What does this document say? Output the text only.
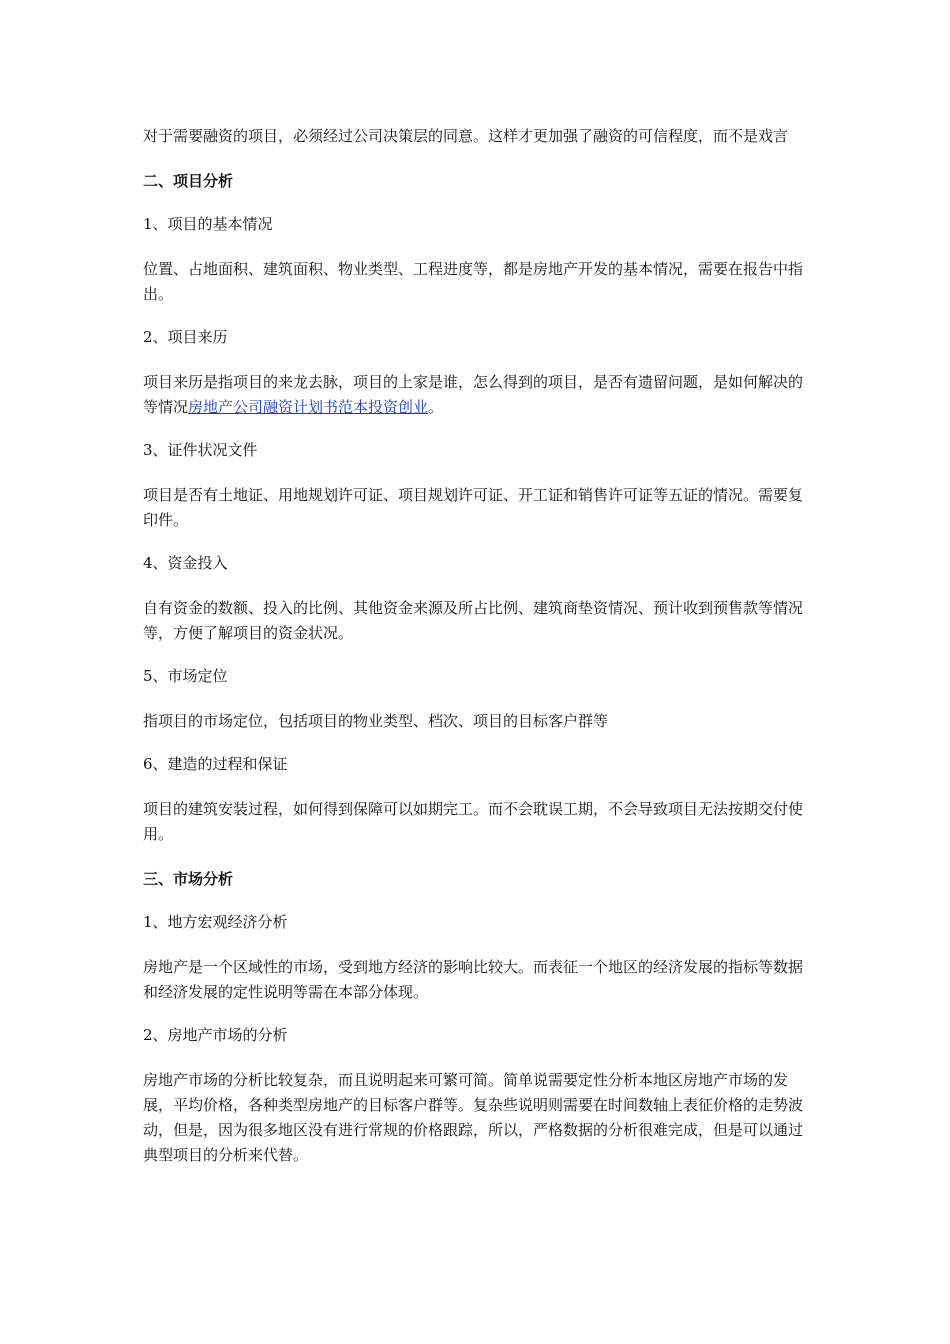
对于需要融资的项目，必须经过公司决策层的同意。这样才更加强了融资的可信程度，而不是戏言

二、项目分析

1、项目的基本情况

位置、占地面积、建筑面积、物业类型、工程进度等，都是房地产开发的基本情况，需要在报告中指出。

2、项目来历

项目来历是指项目的来龙去脉，项目的上家是谁，怎么得到的项目，是否有遗留问题，是如何解决的等情况房地产公司融资计划书范本投资创业。

3、证件状况文件

项目是否有土地证、用地规划许可证、项目规划许可证、开工证和销售许可证等五证的情况。需要复印件。

4、资金投入

自有资金的数额、投入的比例、其他资金来源及所占比例、建筑商垫资情况、预计收到预售款等情况等，方便了解项目的资金状况。

5、市场定位

指项目的市场定位，包括项目的物业类型、档次、项目的目标客户群等

6、建造的过程和保证

项目的建筑安装过程，如何得到保障可以如期完工。而不会耽误工期，不会导致项目无法按期交付使用。

三、市场分析

1、地方宏观经济分析

房地产是一个区域性的市场，受到地方经济的影响比较大。而表征一个地区的经济发展的指标等数据和经济发展的定性说明等需在本部分体现。

2、房地产市场的分析

房地产市场的分析比较复杂，而且说明起来可繁可简。简单说需要定性分析本地区房地产市场的发展，平均价格，各种类型房地产的目标客户群等。复杂些说明则需要在时间数轴上表征价格的走势波动，但是，因为很多地区没有进行常规的价格跟踪，所以，严格数据的分析很难完成，但是可以通过典型项目的分析来代替。
